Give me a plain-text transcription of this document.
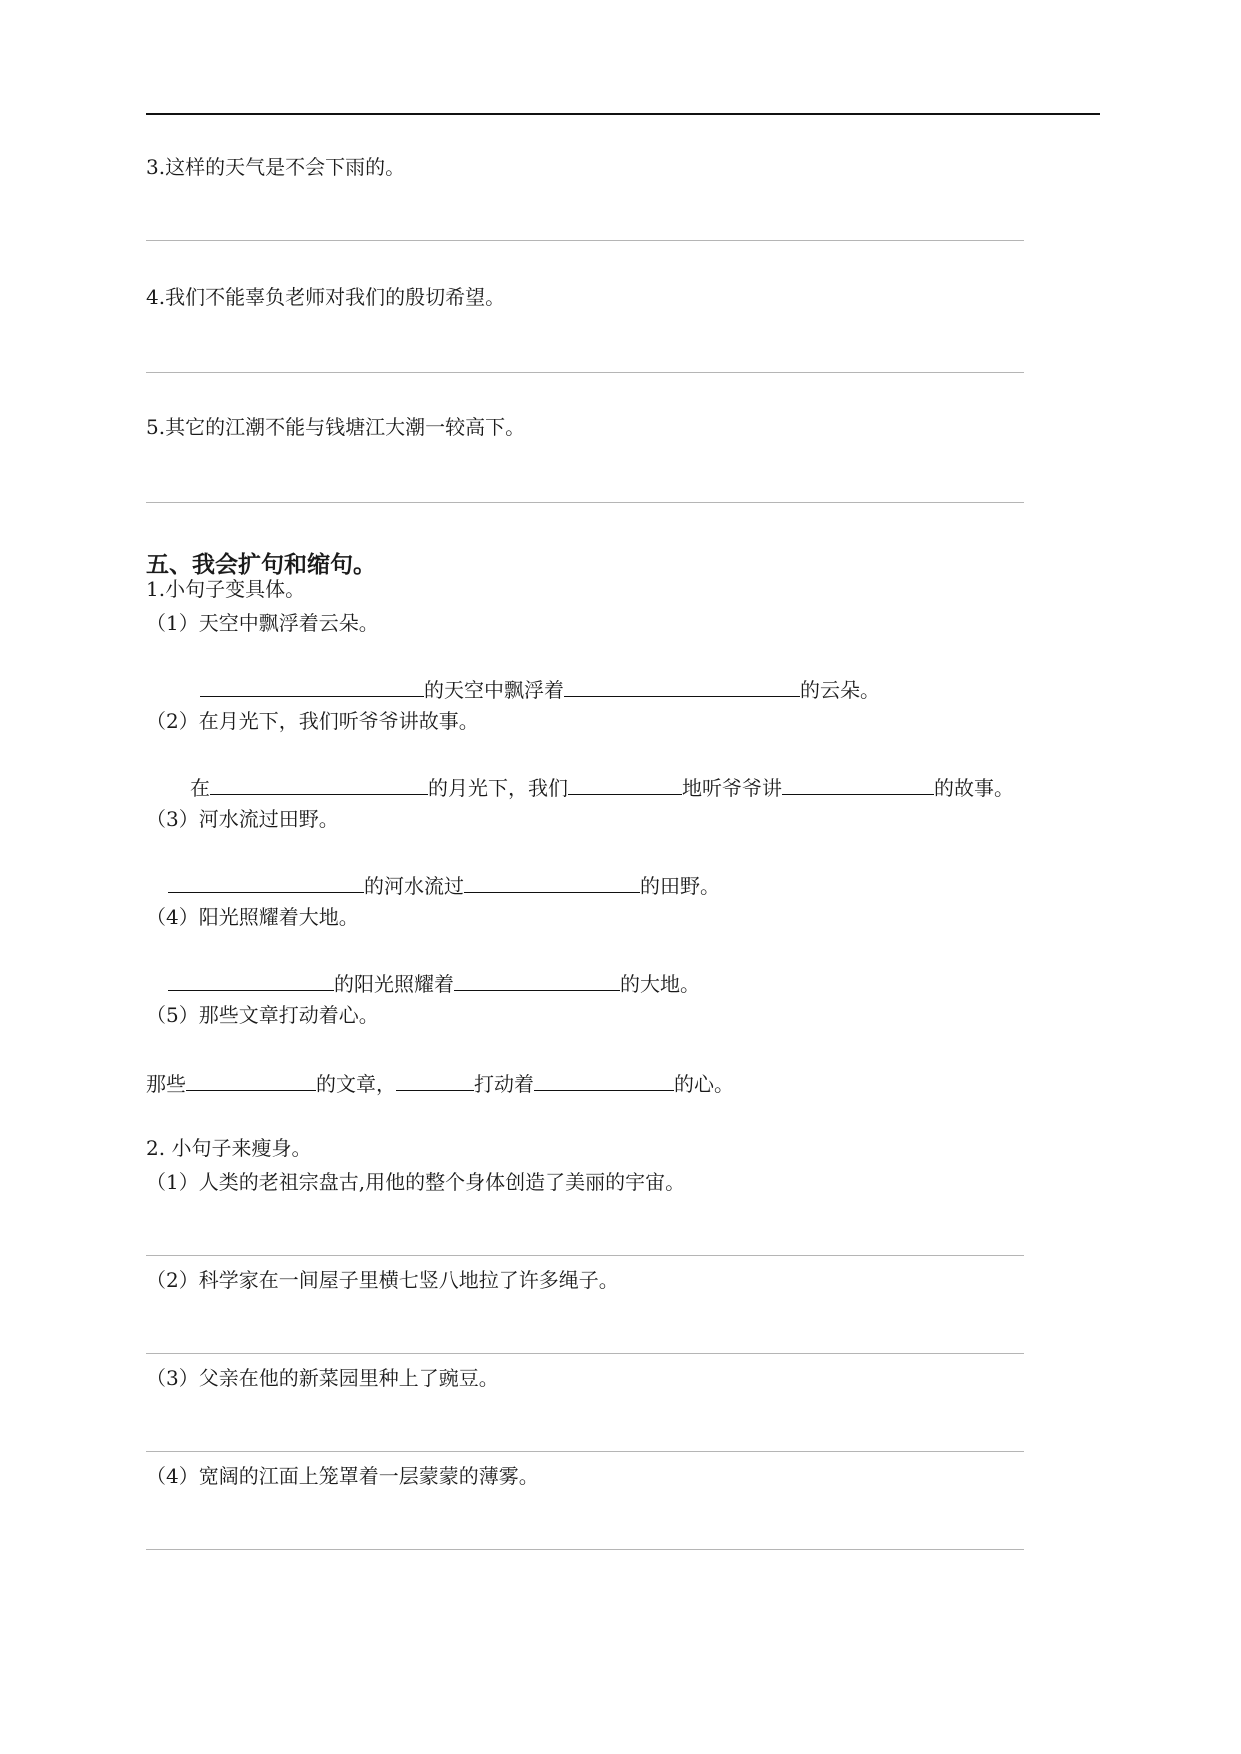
3.这样的天气是不会下雨的。
4.我们不能辜负老师对我们的殷切希望。
5.其它的江潮不能与钱塘江大潮一较高下。
五、我会扩句和缩句。
1.小句子变具体。
（1）天空中飘浮着云朵。
的天空中飘浮着	的云朵。
（2）在月光下，我们听爷爷讲故事。
在	的月光下，我们	地听爷爷讲	的故事。
（3）河水流过田野。
的河水流过	的田野。
（4）阳光照耀着大地。
的阳光照耀着	的大地。
（5）那些文章打动着心。
那些	的文章，	打动着	的心。
2. 小句子来瘦身。
（1）人类的老祖宗盘古,用他的整个身体创造了美丽的宇宙。
（2）科学家在一间屋子里横七竖八地拉了许多绳子。
（3）父亲在他的新菜园里种上了豌豆。
（4）宽阔的江面上笼罩着一层蒙蒙的薄雾。
